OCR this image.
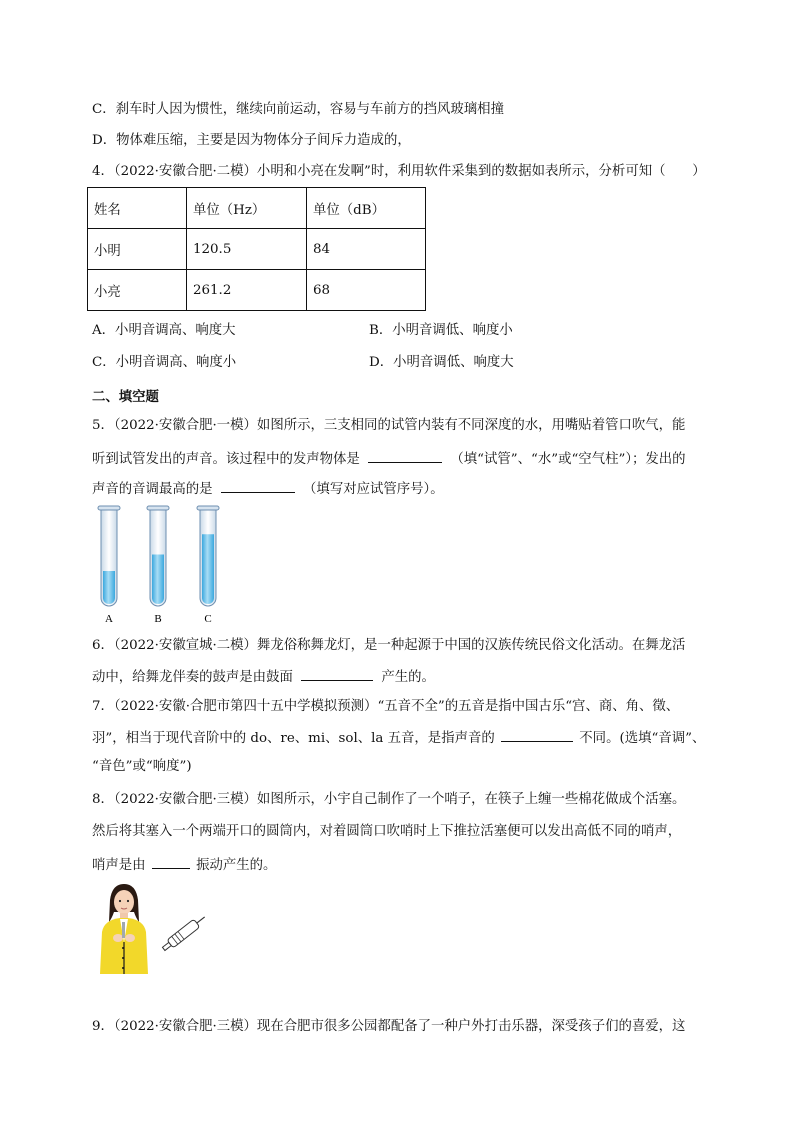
C．刹车时人因为惯性，继续向前运动，容易与车前方的挡风玻璃相撞
D．物体难压缩，主要是因为物体分子间斥力造成的，
4．（2022·安徽合肥·二模）小明和小亮在发啊”时，利用软件采集到的数据如表所示，分析可知（　　）
姓名	单位（Hz）	单位（dB）
小明	120.5	84
小亮	261.2	68
A．小明音调高、响度大	B．小明音调低、响度小
C．小明音调高、响度小	D．小明音调低、响度大
二、填空题
5．（2022·安徽合肥·一模）如图所示，三支相同的试管内装有不同深度的水，用嘴贴着管口吹气，能
听到试管发出的声音。该过程中的发声物体是	（填“试管”、“水”或“空气柱”）；发出的
声音的音调最高的是	（填写对应试管序号）。
A	B	C
6．（2022·安徽宣城·二模）舞龙俗称舞龙灯，是一种起源于中国的汉族传统民俗文化活动。在舞龙活
动中，给舞龙伴奏的鼓声是由鼓面	产生的。
7．（2022·安徽·合肥市第四十五中学模拟预测）“五音不全”的五音是指中国古乐“宫、商、角、徵、
羽”，相当于现代音阶中的 do、re、mi、sol、la 五音，是指声音的	不同。(选填“音调”、
“音色”或“响度”)
8．（2022·安徽合肥·三模）如图所示，小宇自己制作了一个哨子，在筷子上缠一些棉花做成个活塞。
然后将其塞入一个两端开口的圆筒内，对着圆筒口吹哨时上下推拉活塞便可以发出高低不同的哨声，
哨声是由	振动产生的。
9．（2022·安徽合肥·三模）现在合肥市很多公园都配备了一种户外打击乐器，深受孩子们的喜爱，这
